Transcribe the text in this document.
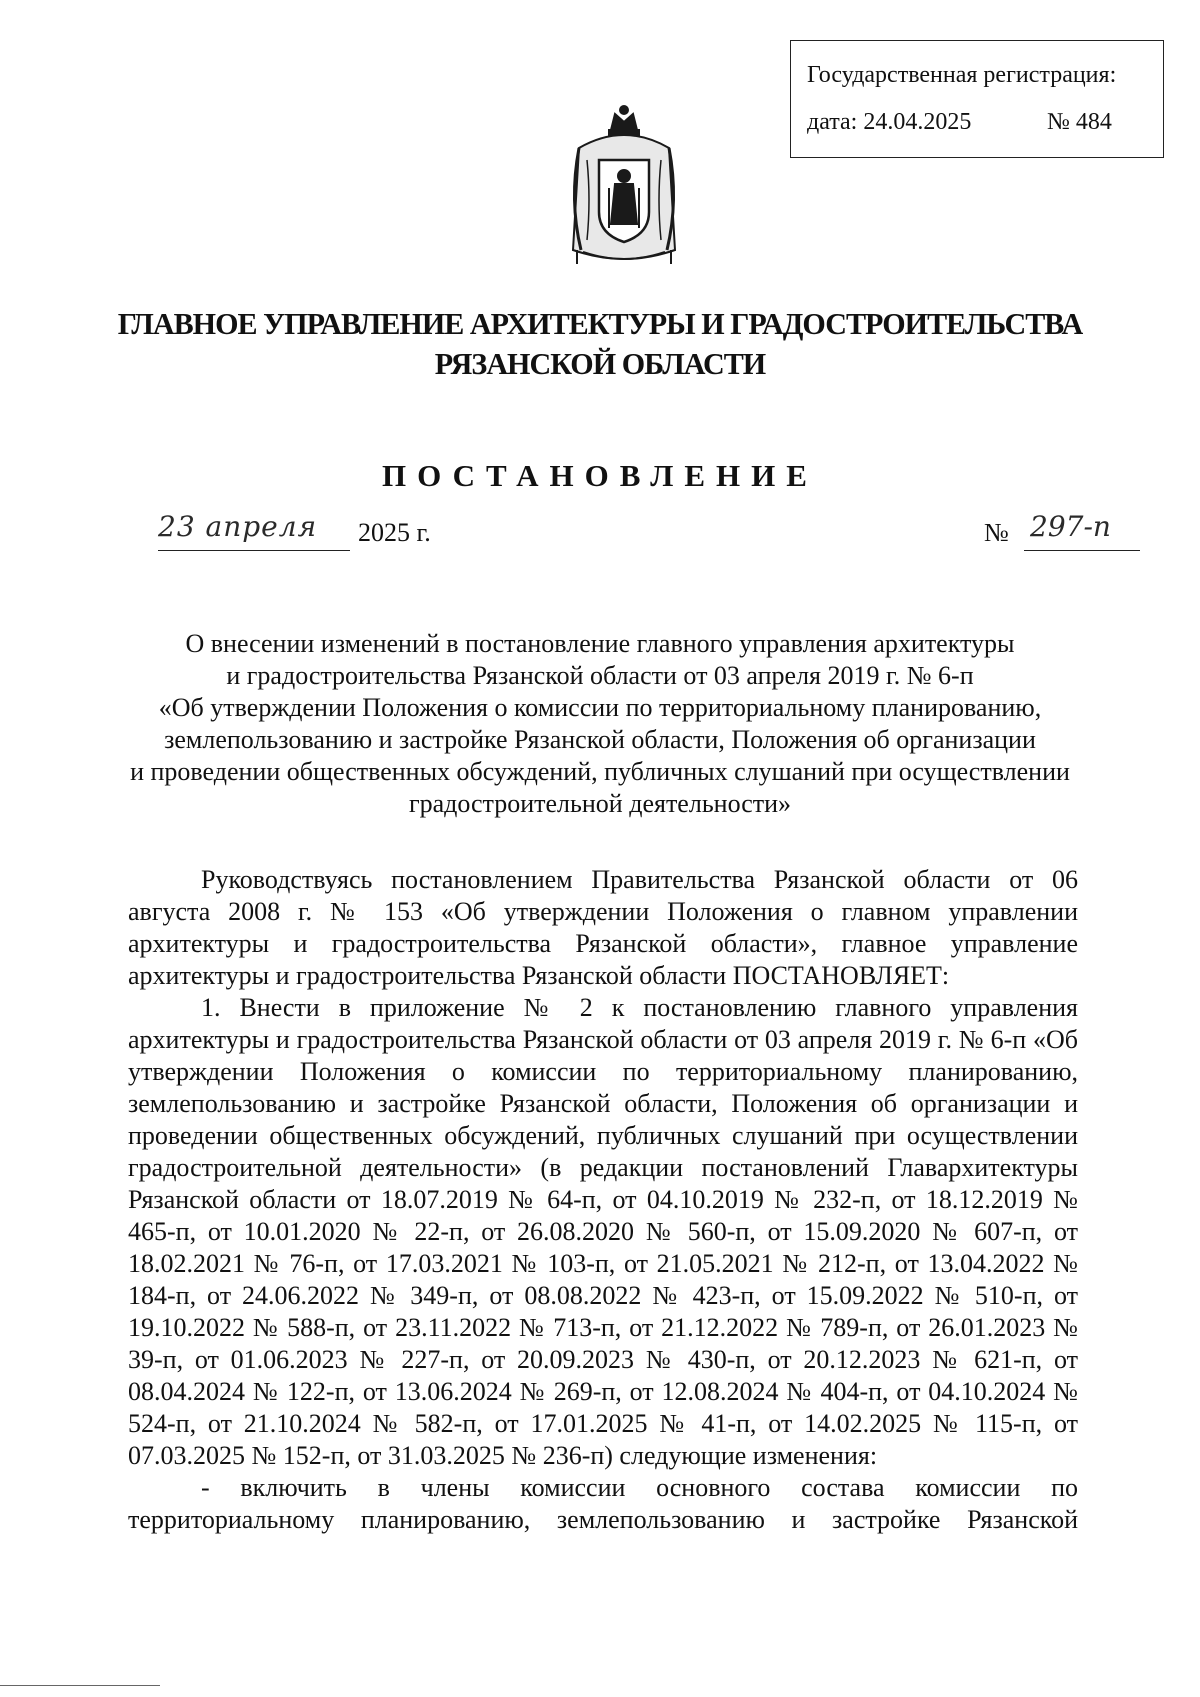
Государственная регистрация:
дата: 24.04.2025	№ 484
ГЛАВНОЕ УПРАВЛЕНИЕ АРХИТЕКТУРЫ И ГРАДОСТРОИТЕЛЬСТВА
РЯЗАНСКОЙ ОБЛАСТИ
ПОСТАНОВЛЕНИЕ
23 апреля	2025 г.	№ 297-п
О внесении изменений в постановление главного управления архитектуры
и градостроительства Рязанской области от 03 апреля 2019 г. № 6-п
«Об утверждении Положения о комиссии по территориальному планированию,
землепользованию и застройке Рязанской области, Положения об организации
и проведении общественных обсуждений, публичных слушаний при осуществлении
градостроительной деятельности»

Руководствуясь постановлением Правительства Рязанской области от 06 августа 2008 г. № 153 «Об утверждении Положения о главном управлении архитектуры и градостроительства Рязанской области», главное управление архитектуры и градостроительства Рязанской области ПОСТАНОВЛЯЕТ:

1. Внести в приложение № 2 к постановлению главного управления архитектуры и градостроительства Рязанской области от 03 апреля 2019 г. № 6-п «Об утверждении Положения о комиссии по территориальному планированию, землепользованию и застройке Рязанской области, Положения об организации и проведении общественных обсуждений, публичных слушаний при осуществлении градостроительной деятельности» (в редакции постановлений Главархитектуры Рязанской области от 18.07.2019 № 64-п, от 04.10.2019 № 232-п, от 18.12.2019 № 465-п, от 10.01.2020 № 22-п, от 26.08.2020 № 560-п, от 15.09.2020 № 607-п, от 18.02.2021 № 76-п, от 17.03.2021 № 103-п, от 21.05.2021 № 212-п, от 13.04.2022 № 184-п, от 24.06.2022 № 349-п, от 08.08.2022 № 423-п, от 15.09.2022 № 510-п, от 19.10.2022 № 588-п, от 23.11.2022 № 713-п, от 21.12.2022 № 789-п, от 26.01.2023 № 39-п, от 01.06.2023 № 227-п, от 20.09.2023 № 430-п, от 20.12.2023 № 621-п, от 08.04.2024 № 122-п, от 13.06.2024 № 269-п, от 12.08.2024 № 404-п, от 04.10.2024 № 524-п, от 21.10.2024 № 582-п, от 17.01.2025 № 41-п, от 14.02.2025 № 115-п, от 07.03.2025 № 152-п, от 31.03.2025 № 236-п) следующие изменения:

- включить в члены комиссии основного состава комиссии по территориальному планированию, землепользованию и застройке Рязанской
